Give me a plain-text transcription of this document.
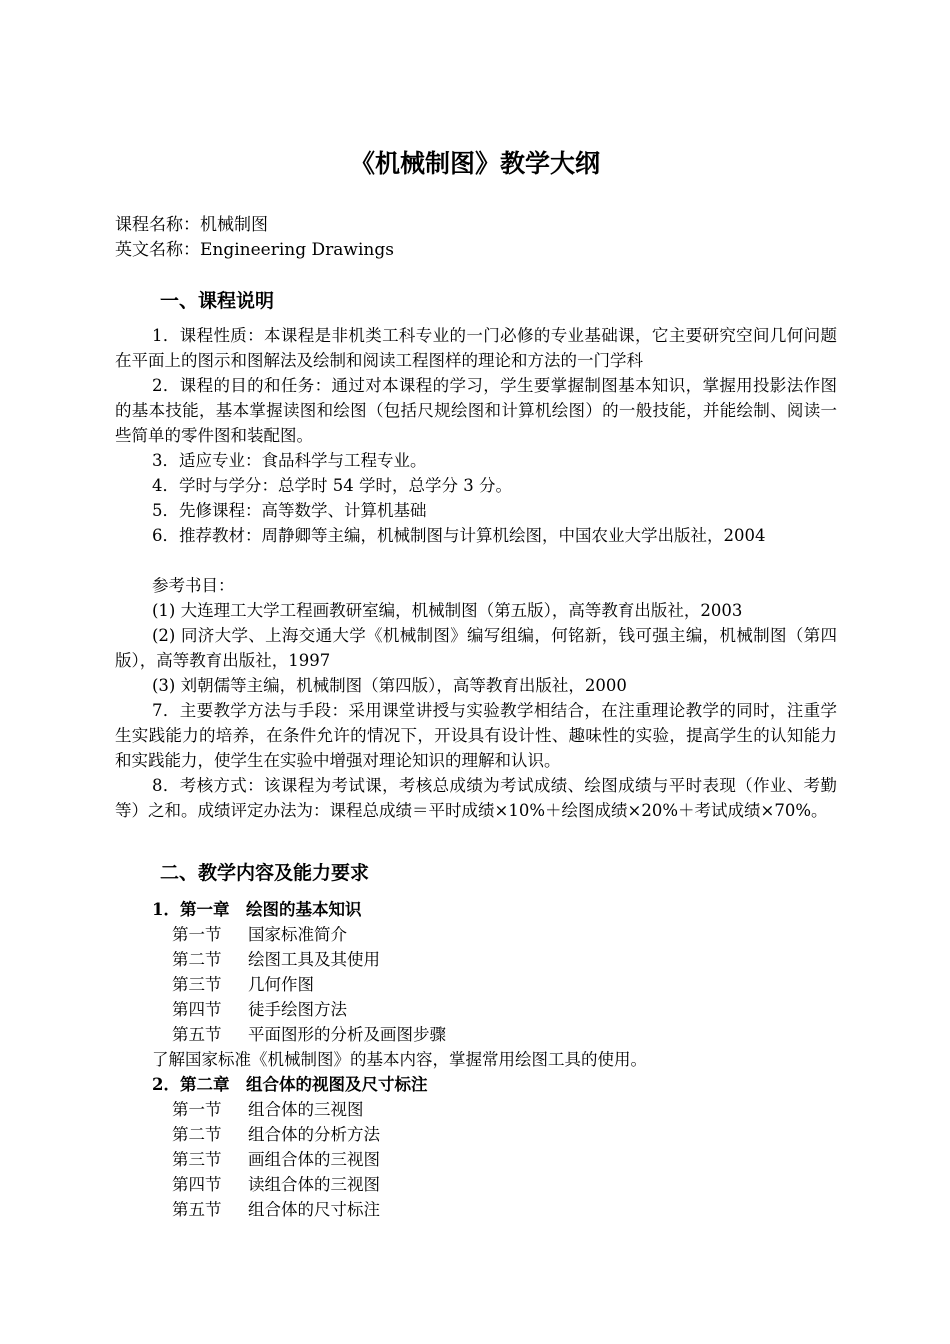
《机械制图》教学大纲
课程名称：机械制图
英文名称：Engineering Drawings
一、课程说明
1．课程性质：本课程是非机类工科专业的一门必修的专业基础课，它主要研究空间几何问题在平面上的图示和图解法及绘制和阅读工程图样的理论和方法的一门学科
2．课程的目的和任务：通过对本课程的学习，学生要掌握制图基本知识，掌握用投影法作图的基本技能，基本掌握读图和绘图（包括尺规绘图和计算机绘图）的一般技能，并能绘制、阅读一些简单的零件图和装配图。
3．适应专业：食品科学与工程专业。
4．学时与学分：总学时 54 学时，总学分 3 分。
5．先修课程：高等数学、计算机基础
6．推荐教材：周静卿等主编，机械制图与计算机绘图，中国农业大学出版社，2004
参考书目：
(1) 大连理工大学工程画教研室编，机械制图（第五版），高等教育出版社，2003
(2) 同济大学、上海交通大学《机械制图》编写组编，何铭新，钱可强主编，机械制图（第四版），高等教育出版社，1997
(3) 刘朝儒等主编，机械制图（第四版），高等教育出版社，2000
7．主要教学方法与手段：采用课堂讲授与实验教学相结合，在注重理论教学的同时，注重学生实践能力的培养，在条件允许的情况下，开设具有设计性、趣味性的实验，提高学生的认知能力和实践能力，使学生在实验中增强对理论知识的理解和认识。
8．考核方式：该课程为考试课，考核总成绩为考试成绩、绘图成绩与平时表现（作业、考勤等）之和。成绩评定办法为：课程总成绩＝平时成绩×10%＋绘图成绩×20%＋考试成绩×70%。
二、教学内容及能力要求
1．第一章　绘图的基本知识
第一节 国家标准简介
第二节 绘图工具及其使用
第三节 几何作图
第四节 徒手绘图方法
第五节 平面图形的分析及画图步骤
了解国家标准《机械制图》的基本内容，掌握常用绘图工具的使用。
2．第二章　组合体的视图及尺寸标注
第一节 组合体的三视图
第二节 组合体的分析方法
第三节 画组合体的三视图
第四节 读组合体的三视图
第五节 组合体的尺寸标注
